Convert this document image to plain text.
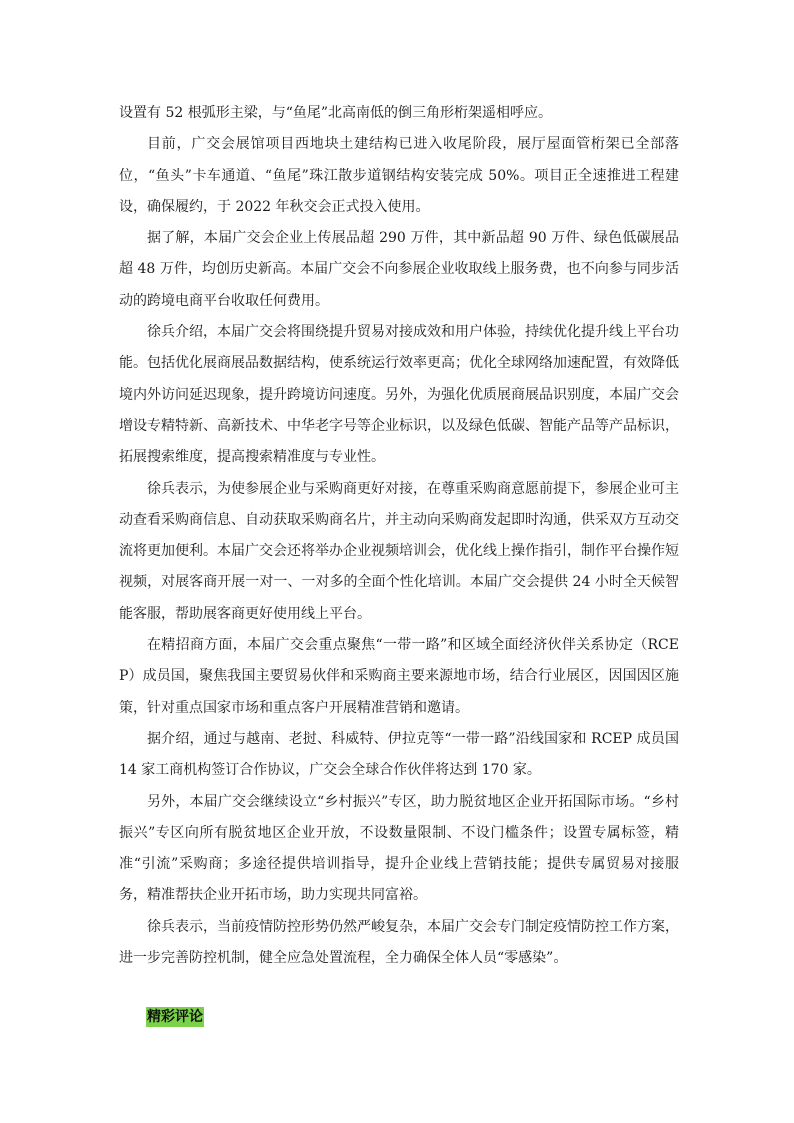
设置有 52 根弧形主梁，与“鱼尾”北高南低的倒三角形桁架遥相呼应。

目前，广交会展馆项目西地块土建结构已进入收尾阶段，展厅屋面管桁架已全部落位，“鱼头”卡车通道、“鱼尾”珠江散步道钢结构安装完成 50%。项目正全速推进工程建设，确保履约，于 2022 年秋交会正式投入使用。

据了解，本届广交会企业上传展品超 290 万件，其中新品超 90 万件、绿色低碳展品超 48 万件，均创历史新高。本届广交会不向参展企业收取线上服务费，也不向参与同步活动的跨境电商平台收取任何费用。

徐兵介绍，本届广交会将围绕提升贸易对接成效和用户体验，持续优化提升线上平台功能。包括优化展商展品数据结构，使系统运行效率更高；优化全球网络加速配置，有效降低境内外访问延迟现象，提升跨境访问速度。另外，为强化优质展商展品识别度，本届广交会增设专精特新、高新技术、中华老字号等企业标识，以及绿色低碳、智能产品等产品标识，拓展搜索维度，提高搜索精准度与专业性。

徐兵表示，为使参展企业与采购商更好对接，在尊重采购商意愿前提下，参展企业可主动查看采购商信息、自动获取采购商名片，并主动向采购商发起即时沟通，供采双方互动交流将更加便利。本届广交会还将举办企业视频培训会，优化线上操作指引，制作平台操作短视频，对展客商开展一对一、一对多的全面个性化培训。本届广交会提供 24 小时全天候智能客服，帮助展客商更好使用线上平台。

在精招商方面，本届广交会重点聚焦“一带一路”和区域全面经济伙伴关系协定（RCEP）成员国，聚焦我国主要贸易伙伴和采购商主要来源地市场，结合行业展区，因国因区施策，针对重点国家市场和重点客户开展精准营销和邀请。

据介绍，通过与越南、老挝、科威特、伊拉克等“一带一路”沿线国家和 RCEP 成员国 14 家工商机构签订合作协议，广交会全球合作伙伴将达到 170 家。

另外，本届广交会继续设立“乡村振兴”专区，助力脱贫地区企业开拓国际市场。“乡村振兴”专区向所有脱贫地区企业开放，不设数量限制、不设门槛条件；设置专属标签，精准“引流”采购商；多途径提供培训指导，提升企业线上营销技能；提供专属贸易对接服务，精准帮扶企业开拓市场，助力实现共同富裕。

徐兵表示，当前疫情防控形势仍然严峻复杂，本届广交会专门制定疫情防控工作方案，进一步完善防控机制，健全应急处置流程，全力确保全体人员“零感染”。

精彩评论
